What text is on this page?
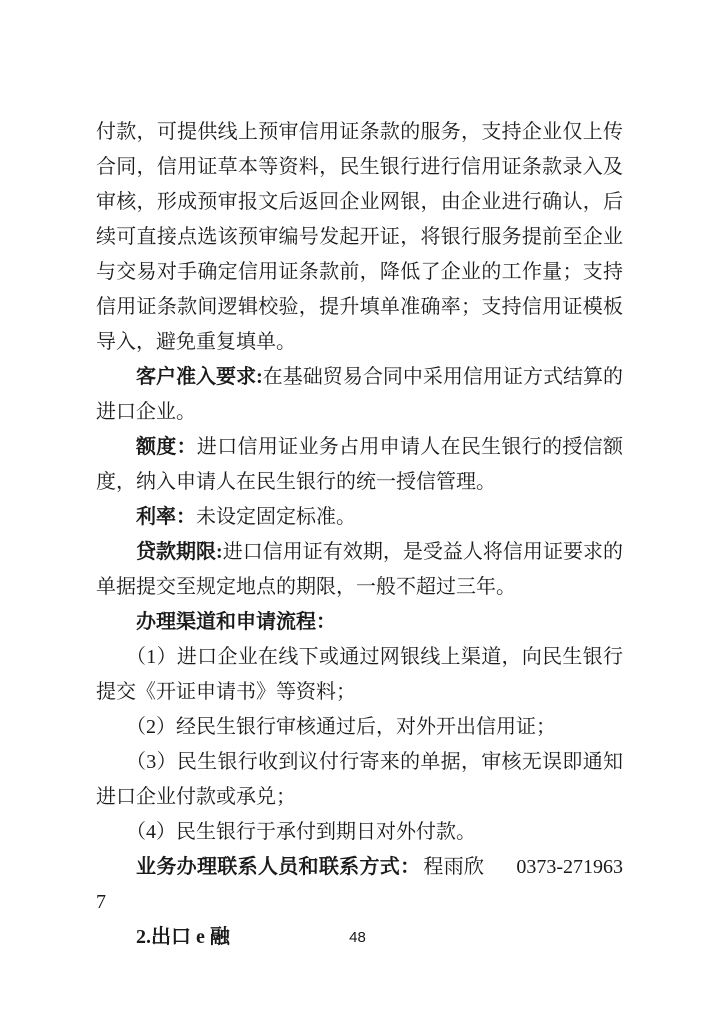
付款，可提供线上预审信用证条款的服务，支持企业仅上传合同，信用证草本等资料，民生银行进行信用证条款录入及审核，形成预审报文后返回企业网银，由企业进行确认，后续可直接点选该预审编号发起开证，将银行服务提前至企业与交易对手确定信用证条款前，降低了企业的工作量；支持信用证条款间逻辑校验，提升填单准确率；支持信用证模板导入，避免重复填单。

客户准入要求:在基础贸易合同中采用信用证方式结算的进口企业。

额度：进口信用证业务占用申请人在民生银行的授信额度，纳入申请人在民生银行的统一授信管理。

利率：未设定固定标准。

贷款期限:进口信用证有效期，是受益人将信用证要求的单据提交至规定地点的期限，一般不超过三年。

办理渠道和申请流程：

（1）进口企业在线下或通过网银线上渠道，向民生银行提交《开证申请书》等资料；

（2）经民生银行审核通过后，对外开出信用证；

（3）民生银行收到议付行寄来的单据，审核无误即通知进口企业付款或承兑；

（4）民生银行于承付到期日对外付款。

业务办理联系人员和联系方式： 程雨欣 0373-2719637

2.出口 e 融	48
